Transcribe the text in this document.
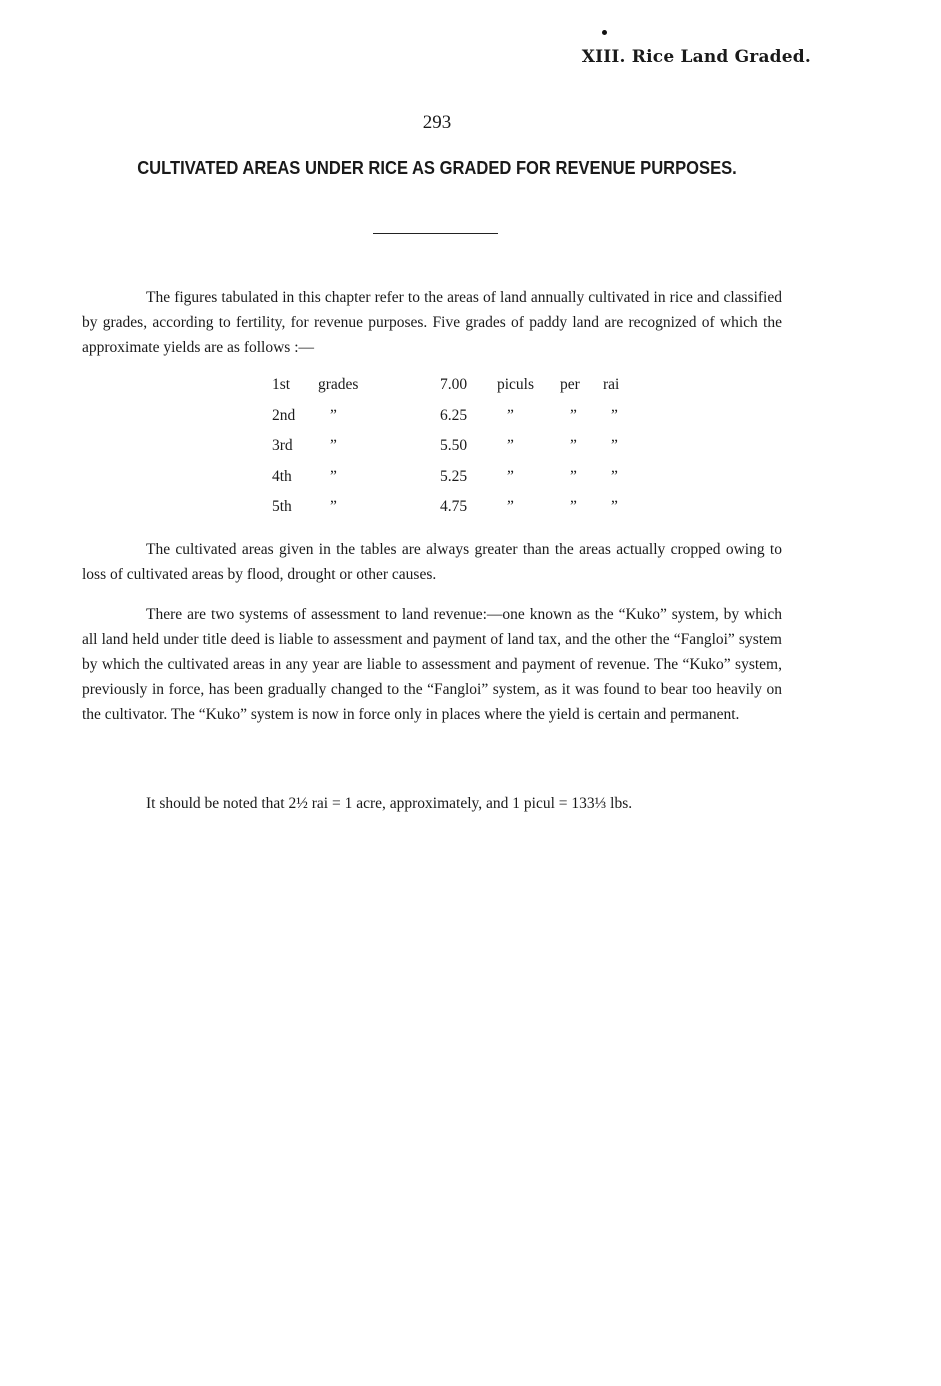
XIII. Rice Land Graded.
293
CULTIVATED AREAS UNDER RICE AS GRADED FOR REVENUE PURPOSES.

The figures tabulated in this chapter refer to the areas of land annually cultivated in rice and classified by grades, according to fertility, for revenue purposes. Five grades of paddy land are recognized of which the approximate yields are as follows :—

1st	grades	7.00	piculs	per	rai
2nd	”	6.25	”	”	”
3rd	”	5.50	”	”	”
4th	”	5.25	”	”	”
5th	”	4.75	”	”	”

The cultivated areas given in the tables are always greater than the areas actually cropped owing to loss of cultivated areas by flood, drought or other causes.

There are two systems of assessment to land revenue:—one known as the “Kuko” system, by which all land held under title deed is liable to assessment and payment of land tax, and the other the “Fangloi” system by which the cultivated areas in any year are liable to assessment and payment of revenue. The “Kuko” system, previously in force, has been gradually changed to the “Fangloi” system, as it was found to bear too heavily on the cultivator. The “Kuko” system is now in force only in places where the yield is certain and permanent.

It should be noted that 2½ rai = 1 acre, approximately, and 1 picul = 133⅓ lbs.
